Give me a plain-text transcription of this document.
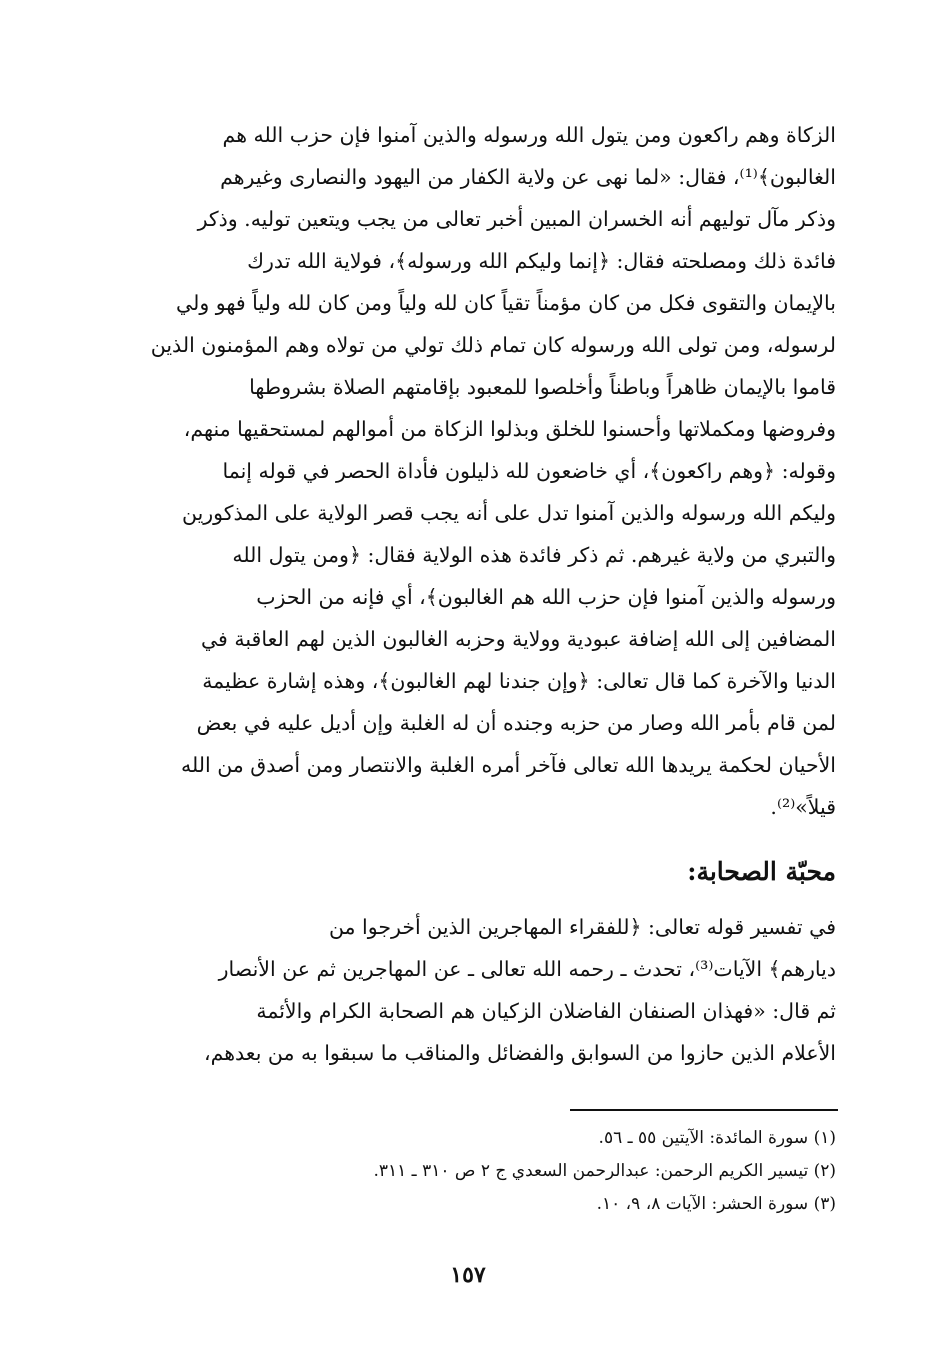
الزكاة وهم راكعون ومن يتول الله ورسوله والذين آمنوا فإن حزب الله هم
الغالبون﴾⁽¹⁾، فقال: «لما نهى عن ولاية الكفار من اليهود والنصارى وغيرهم
وذكر مآل توليهم أنه الخسران المبين أخبر تعالى من يجب ويتعين توليه. وذكر
فائدة ذلك ومصلحته فقال: ﴿إنما وليكم الله ورسوله﴾، فولاية الله تدرك
بالإيمان والتقوى فكل من كان مؤمناً تقياً كان لله ولياً ومن كان لله ولياً فهو ولي
لرسوله، ومن تولى الله ورسوله كان تمام ذلك تولي من تولاه وهم المؤمنون الذين
قاموا بالإيمان ظاهراً وباطناً وأخلصوا للمعبود بإقامتهم الصلاة بشروطها
وفروضها ومكملاتها وأحسنوا للخلق وبذلوا الزكاة من أموالهم لمستحقيها منهم،
وقوله: ﴿وهم راكعون﴾، أي خاضعون لله ذليلون فأداة الحصر في قوله إنما
وليكم الله ورسوله والذين آمنوا تدل على أنه يجب قصر الولاية على المذكورين
والتبري من ولاية غيرهم. ثم ذكر فائدة هذه الولاية فقال: ﴿ومن يتول الله
ورسوله والذين آمنوا فإن حزب الله هم الغالبون﴾، أي فإنه من الحزب
المضافين إلى الله إضافة عبودية وولاية وحزبه الغالبون الذين لهم العاقبة في
الدنيا والآخرة كما قال تعالى: ﴿وإن جندنا لهم الغالبون﴾، وهذه إشارة عظيمة
لمن قام بأمر الله وصار من حزبه وجنده أن له الغلبة وإن أديل عليه في بعض
الأحيان لحكمة يريدها الله تعالى فآخر أمره الغلبة والانتصار ومن أصدق من الله
قيلاً»⁽²⁾.
محبّة الصحابة:
في تفسير قوله تعالى: ﴿للفقراء المهاجرين الذين أخرجوا من
ديارهم﴾ الآيات⁽³⁾، تحدث ـ رحمه الله تعالى ـ عن المهاجرين ثم عن الأنصار
ثم قال: «فهذان الصنفان الفاضلان الزكيان هم الصحابة الكرام والأئمة
الأعلام الذين حازوا من السوابق والفضائل والمناقب ما سبقوا به من بعدهم،
(١) سورة المائدة: الآيتين ٥٥ ـ ٥٦.
(٢) تيسير الكريم الرحمن: عبدالرحمن السعدي ج ٢ ص ٣١٠ ـ ٣١١.
(٣) سورة الحشر: الآيات ٨، ٩، ١٠.
١٥٧
